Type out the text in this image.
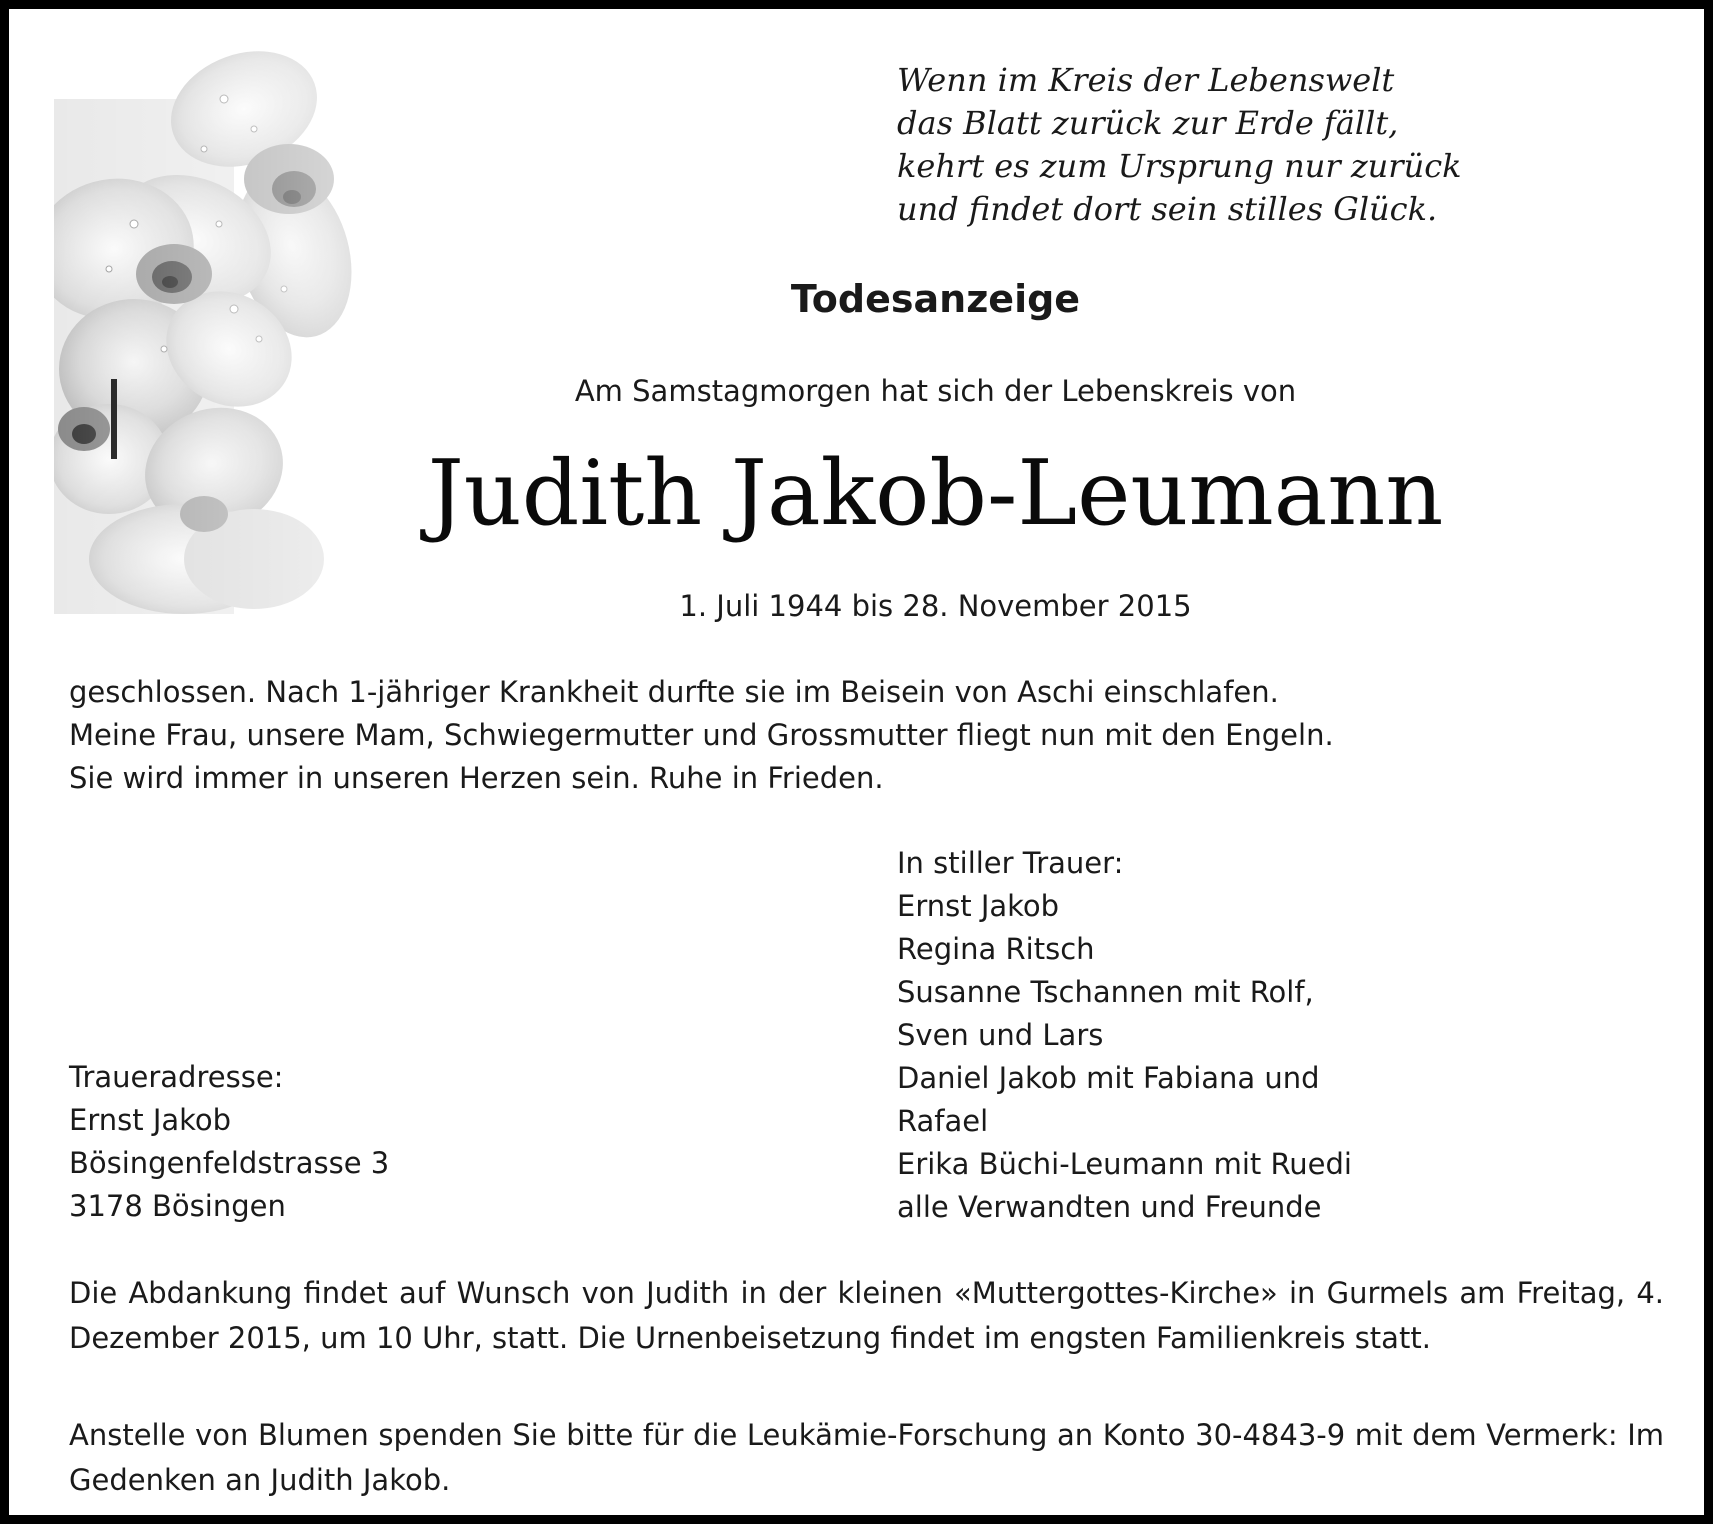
Wenn im Kreis der Lebenswelt
das Blatt zurück zur Erde fällt,
kehrt es zum Ursprung nur zurück
und findet dort sein stilles Glück.
Todesanzeige
Am Samstagmorgen hat sich der Lebenskreis von
Judith Jakob-Leumann
1. Juli 1944 bis 28. November 2015
geschlossen. Nach 1-jähriger Krankheit durfte sie im Beisein von Aschi einschlafen.
Meine Frau, unsere Mam, Schwiegermutter und Grossmutter fliegt nun mit den Engeln.
Sie wird immer in unseren Herzen sein. Ruhe in Frieden.
In stiller Trauer:
Ernst Jakob
Regina Ritsch
Susanne Tschannen mit Rolf,
Sven und Lars
Daniel Jakob mit Fabiana und
Rafael
Erika Büchi-Leumann mit Ruedi
alle Verwandten und Freunde
Traueradresse:
Ernst Jakob
Bösingenfeldstrasse 3
3178 Bösingen
Die Abdankung findet auf Wunsch von Judith in der kleinen «Muttergottes-Kirche» in Gurmels am Freitag, 4. Dezember 2015, um 10 Uhr, statt. Die Urnenbeisetzung findet im engsten Familienkreis statt.
Anstelle von Blumen spenden Sie bitte für die Leukämie-Forschung an Konto 30-4843-9 mit dem Vermerk: Im Gedenken an Judith Jakob.
